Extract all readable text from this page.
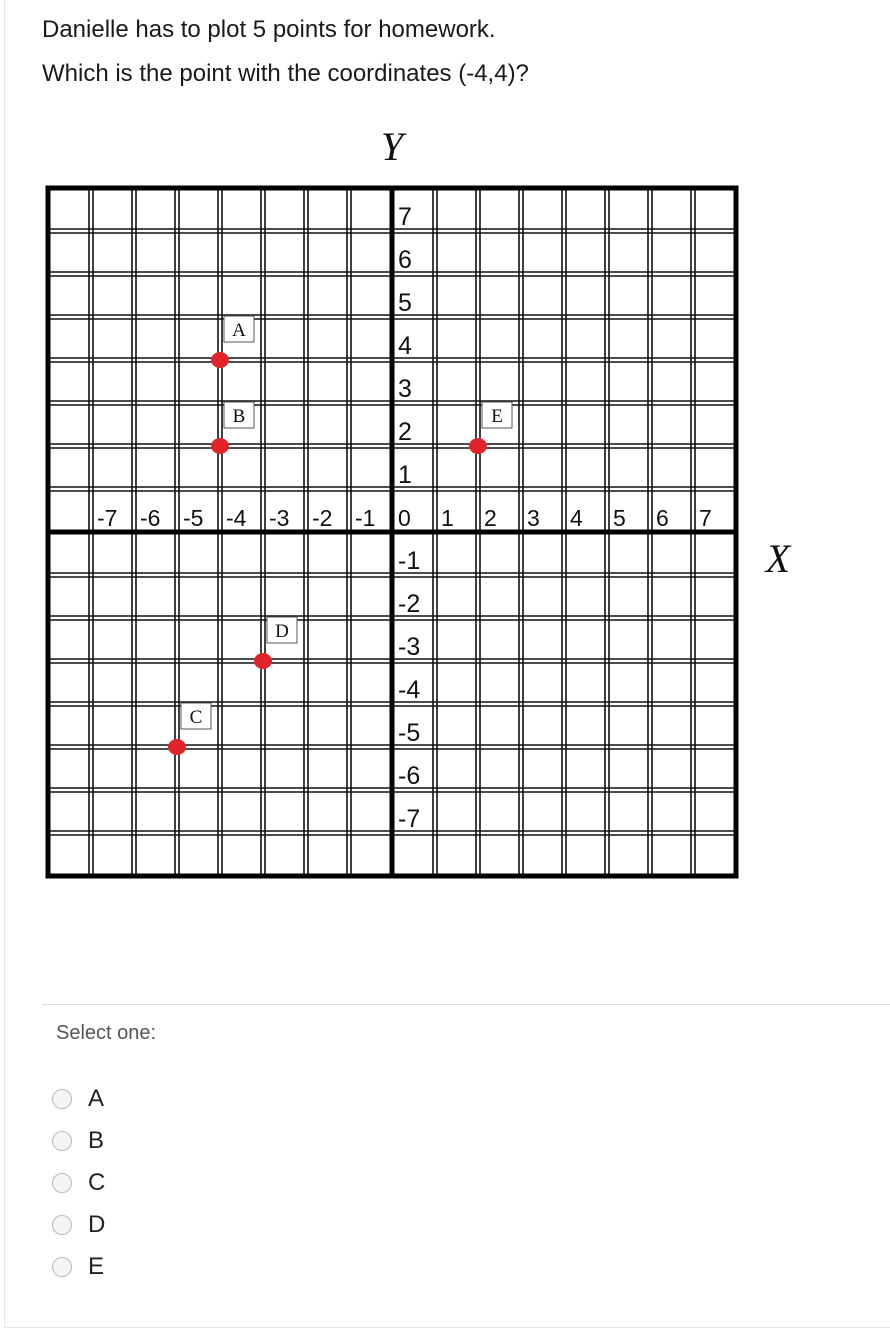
Danielle has to plot 5 points for homework.

Which is the point with the coordinates (-4,4)?

Y
X
-7 -6 -5 -4 -3 -2 -1 0 1 2 3 4 5 6 7
7
6
5
4
3
2
1
-1
-2
-3
-4
-5
-6
-7
A
B
C
D
E
Select one:
A
B
C
D
E
